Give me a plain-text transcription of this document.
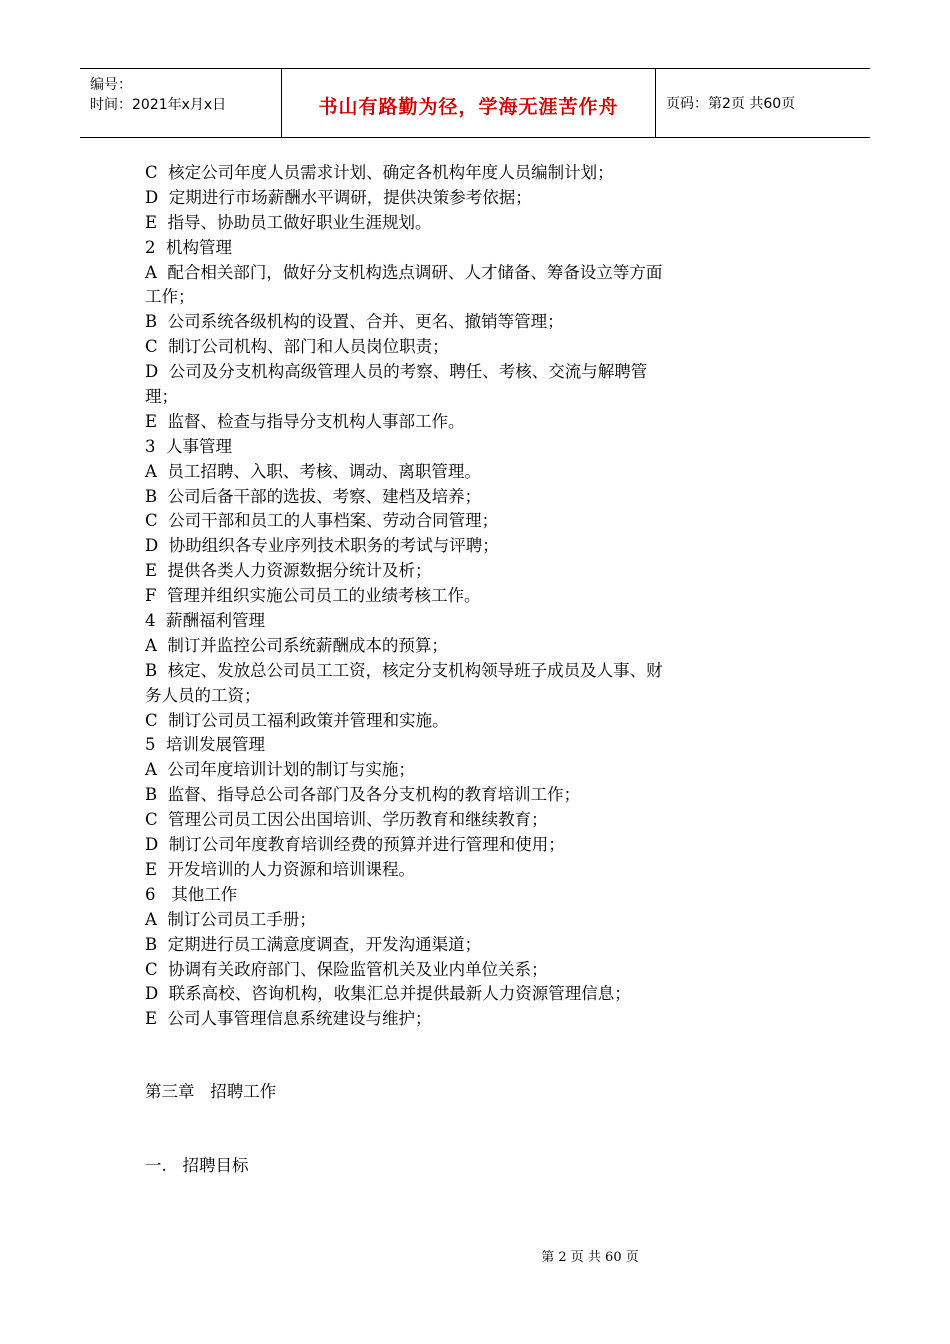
编号：
时间：2021年x月x日	书山有路勤为径，学海无涯苦作舟	页码：第2页 共60页
C  核定公司年度人员需求计划、确定各机构年度人员编制计划；
D  定期进行市场薪酬水平调研，提供决策参考依据；
E  指导、协助员工做好职业生涯规划。
2  机构管理
A  配合相关部门，做好分支机构选点调研、人才储备、筹备设立等方面
工作；
B  公司系统各级机构的设置、合并、更名、撤销等管理；
C  制订公司机构、部门和人员岗位职责；
D  公司及分支机构高级管理人员的考察、聘任、考核、交流与解聘管
理；
E  监督、检查与指导分支机构人事部工作。
3  人事管理
A  员工招聘、入职、考核、调动、离职管理。
B  公司后备干部的选拔、考察、建档及培养；
C  公司干部和员工的人事档案、劳动合同管理；
D  协助组织各专业序列技术职务的考试与评聘；
E  提供各类人力资源数据分统计及析；
F  管理并组织实施公司员工的业绩考核工作。
4  薪酬福利管理
A  制订并监控公司系统薪酬成本的预算；
B  核定、发放总公司员工工资，核定分支机构领导班子成员及人事、财
务人员的工资；
C  制订公司员工福利政策并管理和实施。
5  培训发展管理
A  公司年度培训计划的制订与实施；
B  监督、指导总公司各部门及各分支机构的教育培训工作；
C  管理公司员工因公出国培训、学历教育和继续教育；
D  制订公司年度教育培训经费的预算并进行管理和使用；
E  开发培训的人力资源和培训课程。
6   其他工作
A  制订公司员工手册；
B  定期进行员工满意度调查，开发沟通渠道；
C  协调有关政府部门、保险监管机关及业内单位关系；
D  联系高校、咨询机构，收集汇总并提供最新人力资源管理信息；
E  公司人事管理信息系统建设与维护；
第三章   招聘工作
一.   招聘目标
第 2 页 共 60 页
